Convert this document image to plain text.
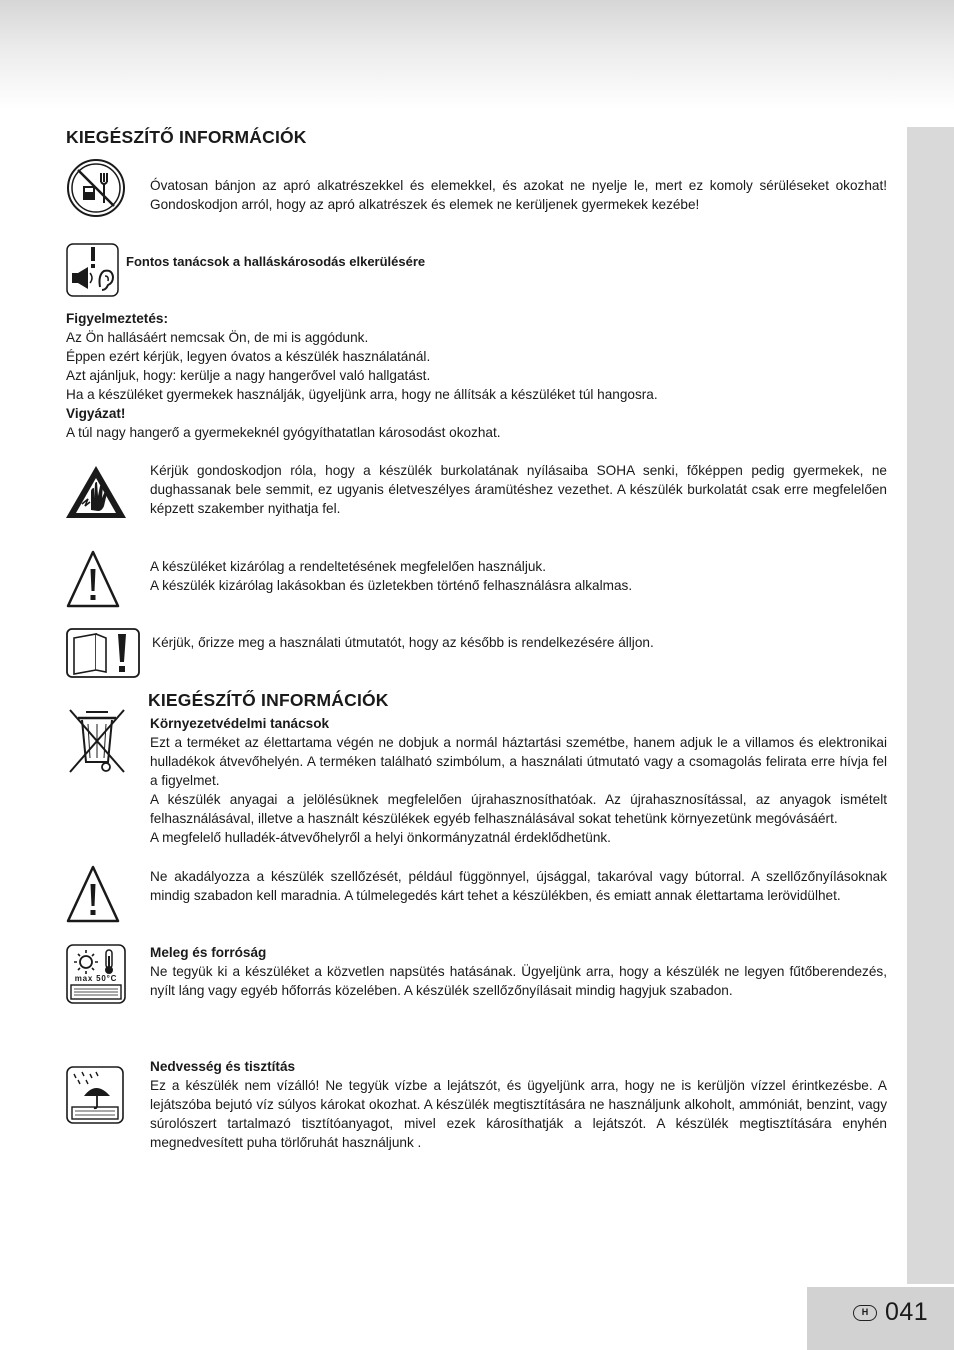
KIEGÉSZÍTŐ INFORMÁCIÓK
Óvatosan bánjon az apró alkatrészekkel és elemekkel, és azokat ne nyelje le, mert ez komoly sérüléseket okozhat! Gondoskodjon arról, hogy az apró alkatrészek és elemek ne kerüljenek gyermekek kezébe!
Fontos tanácsok a halláskárosodás elkerülésére

Figyelmeztetés:

Az Ön hallásáért nemcsak Ön, de mi is aggódunk.

Éppen ezért kérjük, legyen óvatos a készülék használatánál.

Azt ajánljuk, hogy: kerülje a nagy hangerővel való hallgatást.

Ha a készüléket gyermekek használják, ügyeljünk arra, hogy ne állítsák a készüléket túl hangosra.

Vigyázat!

A túl nagy hangerő a gyermekeknél gyógyíthatatlan károsodást okozhat.

Kérjük gondoskodjon róla, hogy a készülék burkolatának nyílásaiba SOHA senki, főképpen pedig gyermekek, ne dughassanak bele semmit, ez ugyanis életveszélyes áramütéshez vezethet. A készülék burkolatát csak erre megfelelően képzett szakember nyithatja fel.

A készüléket kizárólag a rendeltetésének megfelelően használjuk.

A készülék kizárólag lakásokban és üzletekben történő felhasználásra alkalmas.

Kérjük, őrizze meg a használati útmutatót, hogy az később is rendelkezésére álljon.
KIEGÉSZÍTŐ INFORMÁCIÓK

Környezetvédelmi tanácsok

Ezt a terméket az élettartama végén ne dobjuk a normál háztartási szemétbe, hanem adjuk le a villamos és elektronikai hulladékok átvevőhelyén. A terméken található szimbólum, a használati útmutató vagy a csomagolás felirata erre hívja fel a figyelmet.

A készülék anyagai a jelölésüknek megfelelően újrahasznosíthatóak. Az újrahasznosítással, az anyagok ismételt felhasználásával, illetve a használt készülékek egyéb felhasználásával sokat tehetünk környezetünk megóvásáért.

A megfelelő hulladék-átvevőhelyről a helyi önkormányzatnál érdeklődhetünk.

Ne akadályozza a készülék szellőzését, például függönnyel, újsággal, takaróval vagy bútorral. A szellőzőnyílásoknak mindig szabadon kell maradnia. A túlmelegedés kárt tehet a készülékben, és emiatt annak élettartama lerövidülhet.
max 50°C

Meleg és forróság

Ne tegyük ki a készüléket a közvetlen napsütés hatásának. Ügyeljünk arra, hogy a készülék ne legyen fűtőberendezés, nyílt láng vagy egyéb hőforrás közelében. A készülék szellőzőnyílásait mindig hagyjuk szabadon.

Nedvesség és tisztítás

Ez a készülék nem vízálló! Ne tegyük vízbe a lejátszót, és ügyeljünk arra, hogy ne is kerüljön vízzel érintkezésbe. A lejátszóba bejutó víz súlyos károkat okozhat. A készülék megtisztítására ne használjunk alkoholt, ammóniát, benzint, vagy súrolószert tartalmazó tisztítóanyagot, mivel ezek károsíthatják a lejátszót. A készülék megtisztítására enyhén megnedvesített puha törlőruhát használjunk .

H 041
